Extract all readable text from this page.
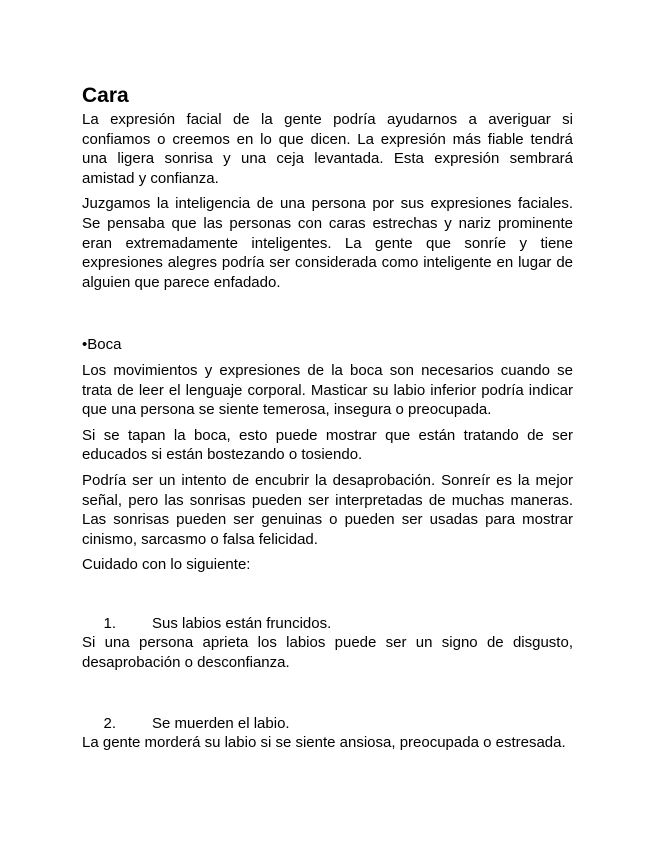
Cara

La expresión facial de la gente podría ayudarnos a averiguar si confiamos o creemos en lo que dicen. La expresión más fiable tendrá una ligera sonrisa y una ceja levantada. Esta expresión sembrará amistad y confianza.

Juzgamos la inteligencia de una persona por sus expresiones faciales. Se pensaba que las personas con caras estrechas y nariz prominente eran extremadamente inteligentes. La gente que sonríe y tiene expresiones alegres podría ser considerada como inteligente en lugar de alguien que parece enfadado.

•Boca

Los movimientos y expresiones de la boca son necesarios cuando se trata de leer el lenguaje corporal. Masticar su labio inferior podría indicar que una persona se siente temerosa, insegura o preocupada.

Si se tapan la boca, esto puede mostrar que están tratando de ser educados si están bostezando o tosiendo.

Podría ser un intento de encubrir la desaprobación. Sonreír es la mejor señal, pero las sonrisas pueden ser interpretadas de muchas maneras. Las sonrisas pueden ser genuinas o pueden ser usadas para mostrar cinismo, sarcasmo o falsa felicidad.

Cuidado con lo siguiente:

1. Sus labios están fruncidos.

Si una persona aprieta los labios puede ser un signo de disgusto, desaprobación o desconfianza.

2. Se muerden el labio.

La gente morderá su labio si se siente ansiosa, preocupada o estresada.
